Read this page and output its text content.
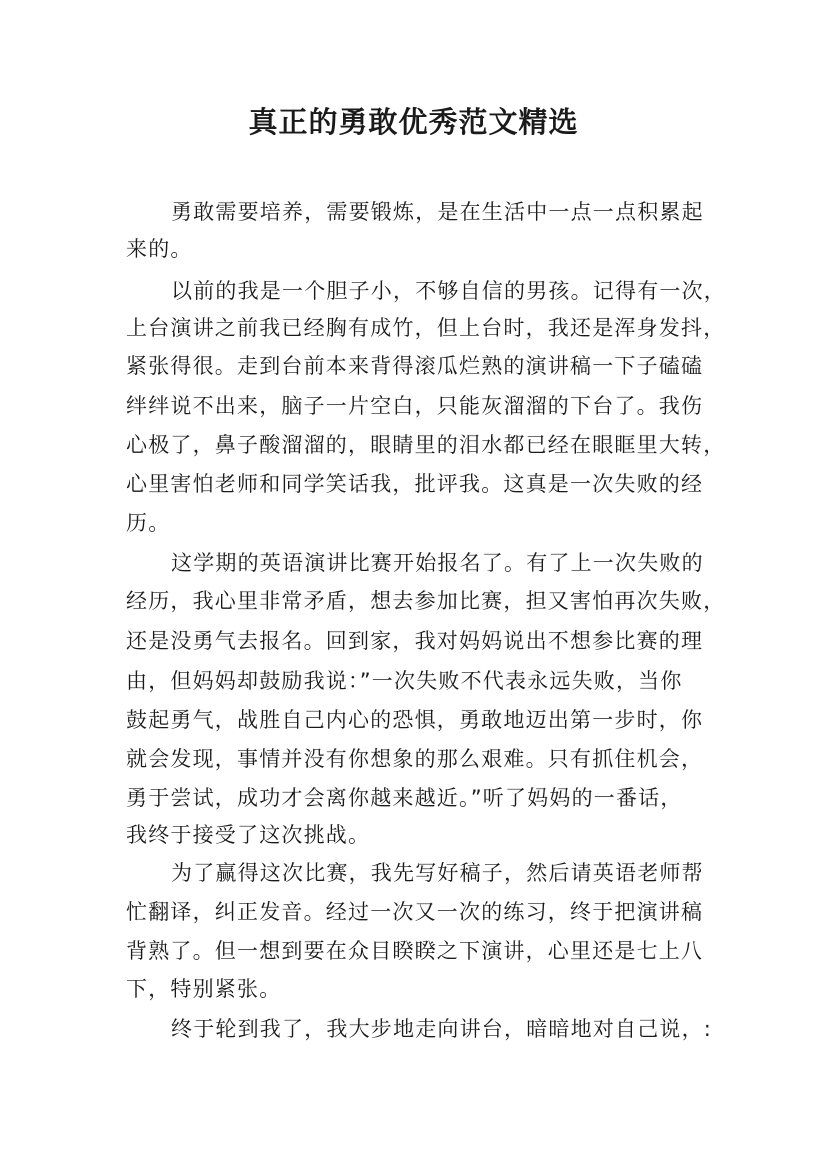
真正的勇敢优秀范文精选
勇敢需要培养，需要锻炼，是在生活中一点一点积累起
来的。
以前的我是一个胆子小，不够自信的男孩。记得有一次，
上台演讲之前我已经胸有成竹，但上台时，我还是浑身发抖，
紧张得很。走到台前本来背得滚瓜烂熟的演讲稿一下子磕磕
绊绊说不出来，脑子一片空白，只能灰溜溜的下台了。我伤
心极了，鼻子酸溜溜的，眼睛里的泪水都已经在眼眶里大转，
心里害怕老师和同学笑话我，批评我。这真是一次失败的经
历。
这学期的英语演讲比赛开始报名了。有了上一次失败的
经历，我心里非常矛盾，想去参加比赛，担又害怕再次失败，
还是没勇气去报名。回到家，我对妈妈说出不想参比赛的理
由，但妈妈却鼓励我说：”一次失败不代表永远失败，当你
鼓起勇气，战胜自己内心的恐惧，勇敢地迈出第一步时，你
就会发现，事情并没有你想象的那么艰难。只有抓住机会，
勇于尝试，成功才会离你越来越近。”听了妈妈的一番话，
我终于接受了这次挑战。
为了赢得这次比赛，我先写好稿子，然后请英语老师帮
忙翻译，纠正发音。经过一次又一次的练习，终于把演讲稿
背熟了。但一想到要在众目睽睽之下演讲，心里还是七上八
下，特别紧张。
终于轮到我了，我大步地走向讲台，暗暗地对自己说，:
